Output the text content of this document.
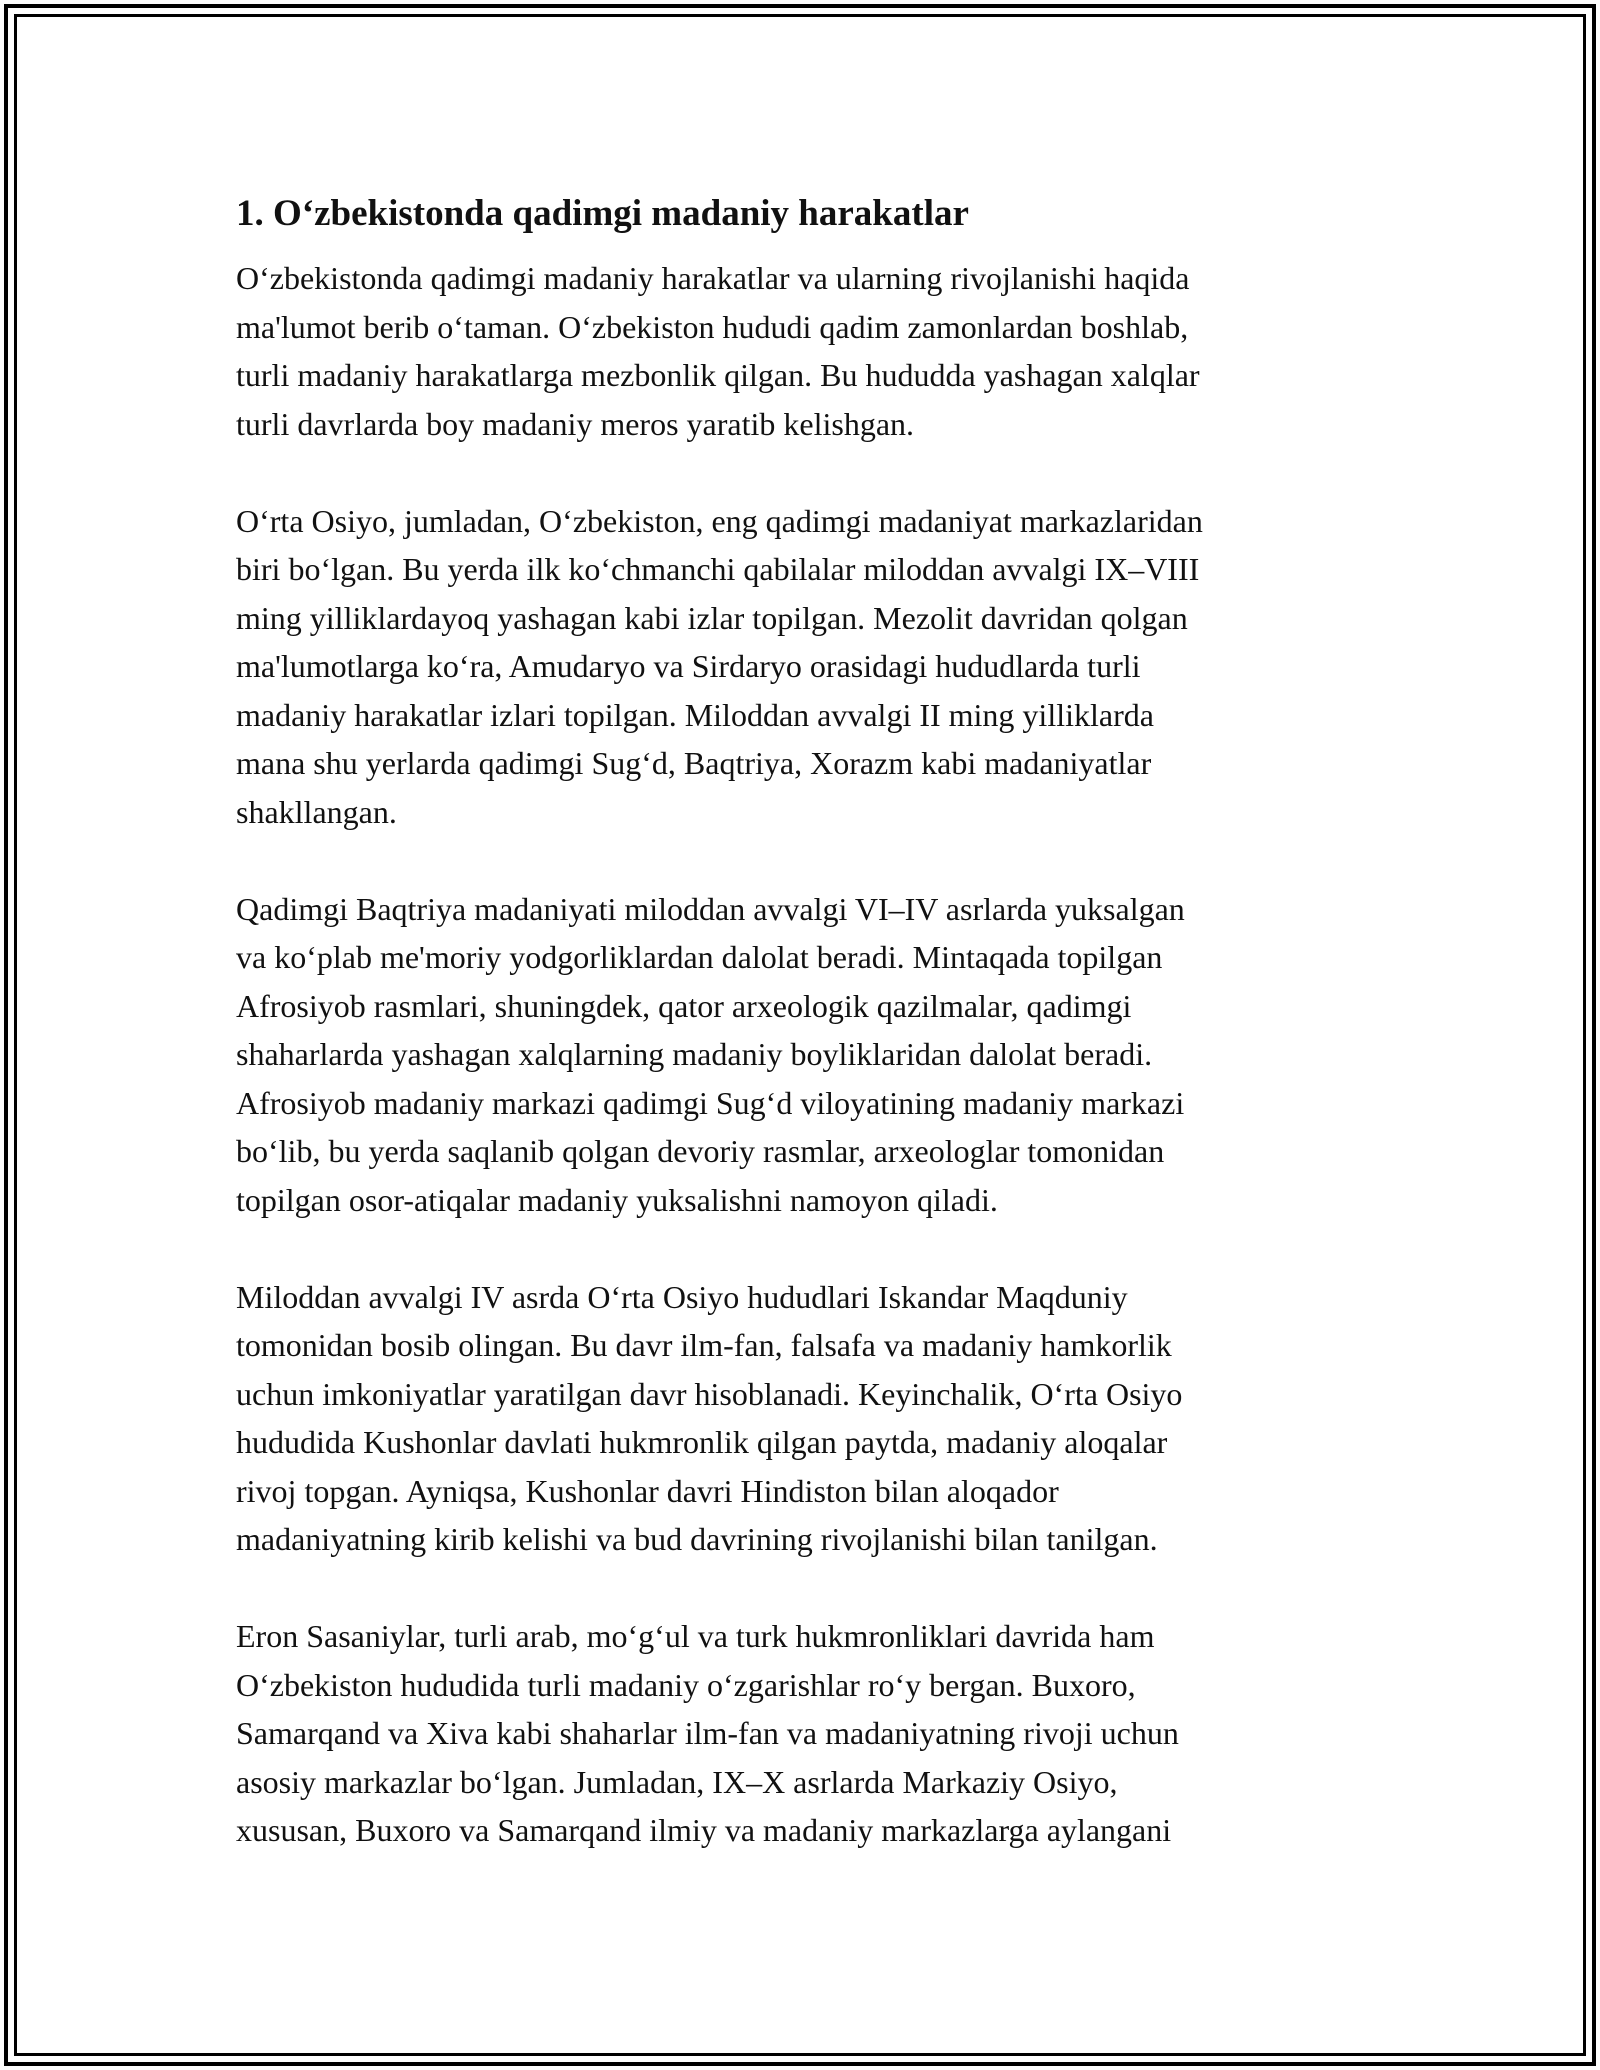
1. O‘zbekistonda qadimgi madaniy harakatlar

O‘zbekistonda qadimgi madaniy harakatlar va ularning rivojlanishi haqida
ma'lumot berib o‘taman. O‘zbekiston hududi qadim zamonlardan boshlab,
turli madaniy harakatlarga mezbonlik qilgan. Bu hududda yashagan xalqlar
turli davrlarda boy madaniy meros yaratib kelishgan.

O‘rta Osiyo, jumladan, O‘zbekiston, eng qadimgi madaniyat markazlaridan
biri bo‘lgan. Bu yerda ilk ko‘chmanchi qabilalar miloddan avvalgi IX–VIII
ming yilliklardayoq yashagan kabi izlar topilgan. Mezolit davridan qolgan
ma'lumotlarga ko‘ra, Amudaryo va Sirdaryo orasidagi hududlarda turli
madaniy harakatlar izlari topilgan. Miloddan avvalgi II ming yilliklarda
mana shu yerlarda qadimgi Sug‘d, Baqtriya, Xorazm kabi madaniyatlar
shakllangan.

Qadimgi Baqtriya madaniyati miloddan avvalgi VI–IV asrlarda yuksalgan
va ko‘plab me'moriy yodgorliklardan dalolat beradi. Mintaqada topilgan
Afrosiyob rasmlari, shuningdek, qator arxeologik qazilmalar, qadimgi
shaharlarda yashagan xalqlarning madaniy boyliklaridan dalolat beradi.
Afrosiyob madaniy markazi qadimgi Sug‘d viloyatining madaniy markazi
bo‘lib, bu yerda saqlanib qolgan devoriy rasmlar, arxeologlar tomonidan
topilgan osor-atiqalar madaniy yuksalishni namoyon qiladi.

Miloddan avvalgi IV asrda O‘rta Osiyo hududlari Iskandar Maqduniy
tomonidan bosib olingan. Bu davr ilm-fan, falsafa va madaniy hamkorlik
uchun imkoniyatlar yaratilgan davr hisoblanadi. Keyinchalik, O‘rta Osiyo
hududida Kushonlar davlati hukmronlik qilgan paytda, madaniy aloqalar
rivoj topgan. Ayniqsa, Kushonlar davri Hindiston bilan aloqador
madaniyatning kirib kelishi va bud davrining rivojlanishi bilan tanilgan.

Eron Sasaniylar, turli arab, mo‘g‘ul va turk hukmronliklari davrida ham
O‘zbekiston hududida turli madaniy o‘zgarishlar ro‘y bergan. Buxoro,
Samarqand va Xiva kabi shaharlar ilm-fan va madaniyatning rivoji uchun
asosiy markazlar bo‘lgan. Jumladan, IX–X asrlarda Markaziy Osiyo,
xususan, Buxoro va Samarqand ilmiy va madaniy markazlarga aylangani
